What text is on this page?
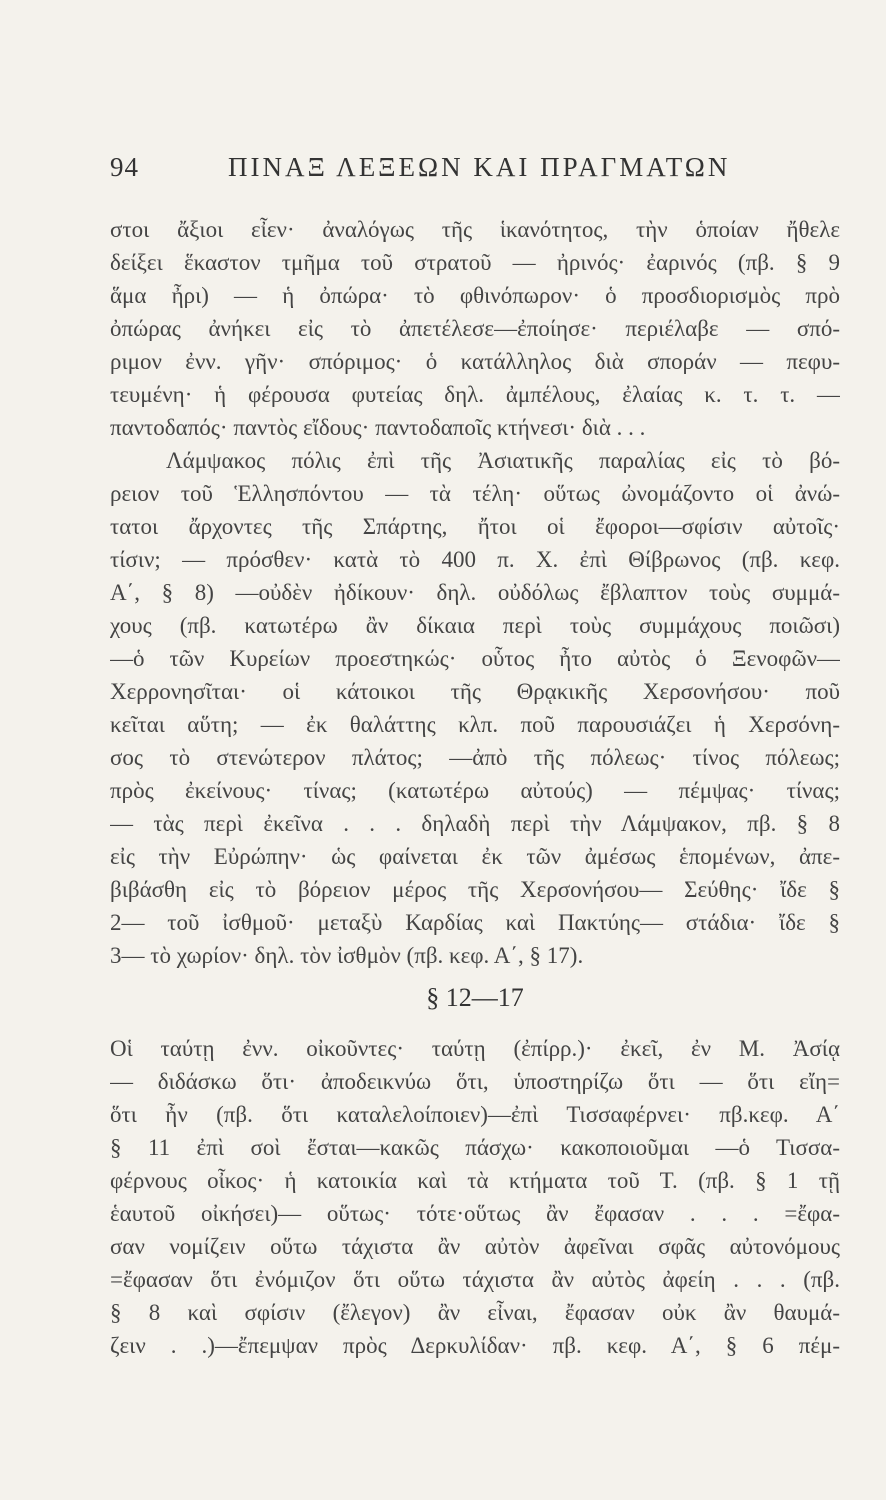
94	ΠΙΝΑΞ ΛΕΞΕΩΝ ΚΑΙ ΠΡΑΓΜΑΤΩΝ
στοι ἄξιοι εἶεν· ἀναλόγως τῆς ἱκανότητος, τὴν ὁποίαν ἤθελε
δείξει ἕκαστον τμῆμα τοῦ στρατοῦ — ἠρινός· ἐαρινός (πβ. § 9
ἅμα ἦρι) — ἡ ὀπώρα· τὸ φθινόπωρον· ὁ προσδιορισμὸς πρὸ
ὀπώρας ἀνήκει εἰς τὸ ἀπετέλεσε—ἐποίησε· περιέλαβε — σπό-
ριμον ἐνν. γῆν· σπόριμος· ὁ κατάλληλος διὰ σποράν — πεφυ-
τευμένη· ἡ φέρουσα φυτείας δηλ. ἀμπέλους, ἐλαίας κ. τ. τ. —
παντοδαπός· παντὸς εἴδους· παντοδαποῖς κτήνεσι· διὰ . . .
Λάμψακος πόλις ἐπὶ τῆς Ἀσιατικῆς παραλίας εἰς τὸ βό-
ρειον τοῦ Ἑλλησπόντου — τὰ τέλη· οὕτως ὠνομάζοντο οἱ ἀνώ-
τατοι ἄρχοντες τῆς Σπάρτης, ἤτοι οἱ ἔφοροι—σφίσιν αὐτοῖς·
τίσιν; — πρόσθεν· κατὰ τὸ 400 π. Χ. ἐπὶ Θίβρωνος (πβ. κεφ.
Α΄, § 8) —οὐδὲν ἠδίκουν· δηλ. οὐδόλως ἔβλαπτον τοὺς συμμά-
χους (πβ. κατωτέρω ἂν δίκαια περὶ τοὺς συμμάχους ποιῶσι)
—ὁ τῶν Κυρείων προεστηκώς· οὗτος ἦτο αὐτὸς ὁ Ξενοφῶν—
Χερρονησῖται· οἱ κάτοικοι τῆς Θρᾳκικῆς Χερσονήσου· ποῦ
κεῖται αὕτη; — ἐκ θαλάττης κλπ. ποῦ παρουσιάζει ἡ Χερσόνη-
σος τὸ στενώτερον πλάτος; —ἀπὸ τῆς πόλεως· τίνος πόλεως;
πρὸς ἐκείνους· τίνας; (κατωτέρω αὐτούς) — πέμψας· τίνας;
— τὰς περὶ ἐκεῖνα . . . δηλαδὴ περὶ τὴν Λάμψακον, πβ. § 8
εἰς τὴν Εὐρώπην· ὡς φαίνεται ἐκ τῶν ἀμέσως ἑπομένων, ἀπε-
βιβάσθη εἰς τὸ βόρειον μέρος τῆς Χερσονήσου— Σεύθης· ἴδε §
2— τοῦ ἰσθμοῦ· μεταξὺ Καρδίας καὶ Πακτύης— στάδια· ἴδε §
3— τὸ χωρίον· δηλ. τὸν ἰσθμὸν (πβ. κεφ. Α΄, § 17).
§ 12—17
Οἱ ταύτῃ ἐνν. οἰκοῦντες· ταύτῃ (ἐπίρρ.)· ἐκεῖ, ἐν Μ. Ἀσίᾳ
— διδάσκω ὅτι· ἀποδεικνύω ὅτι, ὑποστηρίζω ὅτι — ὅτι εἴη=
ὅτι ἦν (πβ. ὅτι καταλελοίποιεν)—ἐπὶ Τισσαφέρνει· πβ.κεφ. Α΄
§ 11 ἐπὶ σοὶ ἔσται—κακῶς πάσχω· κακοποιοῦμαι —ὁ Τισσα-
φέρνους οἶκος· ἡ κατοικία καὶ τὰ κτήματα τοῦ Τ. (πβ. § 1 τῇ
ἑαυτοῦ οἰκήσει)— οὕτως· τότε·οὕτως ἂν ἔφασαν . . . =ἔφα-
σαν νομίζειν οὕτω τάχιστα ἂν αὐτὸν ἀφεῖναι σφᾶς αὐτονόμους
=ἔφασαν ὅτι ἐνόμιζον ὅτι οὕτω τάχιστα ἂν αὐτὸς ἀφείη . . . (πβ.
§ 8 καὶ σφίσιν (ἔλεγον) ἂν εἶναι, ἔφασαν οὐκ ἂν θαυμά-
ζειν . .)—ἔπεμψαν πρὸς Δερκυλίδαν· πβ. κεφ. Α΄, § 6 πέμ-
